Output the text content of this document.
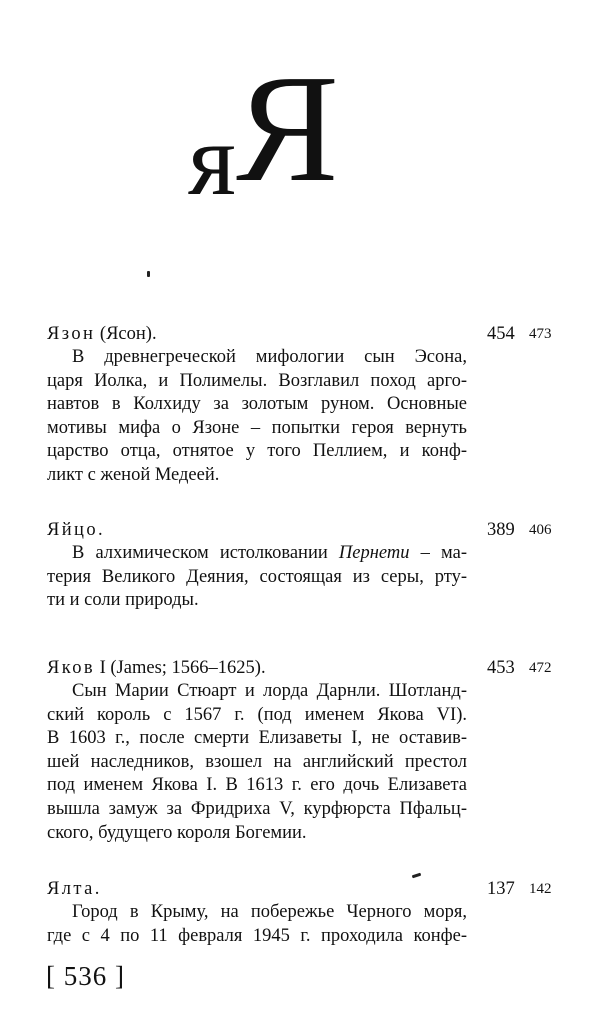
я Я
Язон (Ясон).	454 473
В древнегреческой мифологии сын Эсона,
царя Иолка, и Полимелы. Возглавил поход арго-
навтов в Колхиду за золотым руном. Основные
мотивы мифа о Язоне – попытки героя вернуть
царство отца, отнятое у того Пеллием, и конф-
ликт с женой Медеей.
Яйцо.	389 406
В алхимическом истолковании Пернети – ма-
терия Великого Деяния, состоящая из серы, рту-
ти и соли природы.
Яков I (James; 1566–1625).	453 472
Сын Марии Стюарт и лорда Дарнли. Шотланд-
ский король с 1567 г. (под именем Якова VI).
В 1603 г., после смерти Елизаветы I, не оставив-
шей наследников, взошел на английский престол
под именем Якова I. В 1613 г. его дочь Елизавета
вышла замуж за Фридриха V, курфюрста Пфальц-
ского, будущего короля Богемии.
Ялта.	137 142
Город в Крыму, на побережье Черного моря,
где с 4 по 11 февраля 1945 г. проходила конфе-
[ 536 ]
